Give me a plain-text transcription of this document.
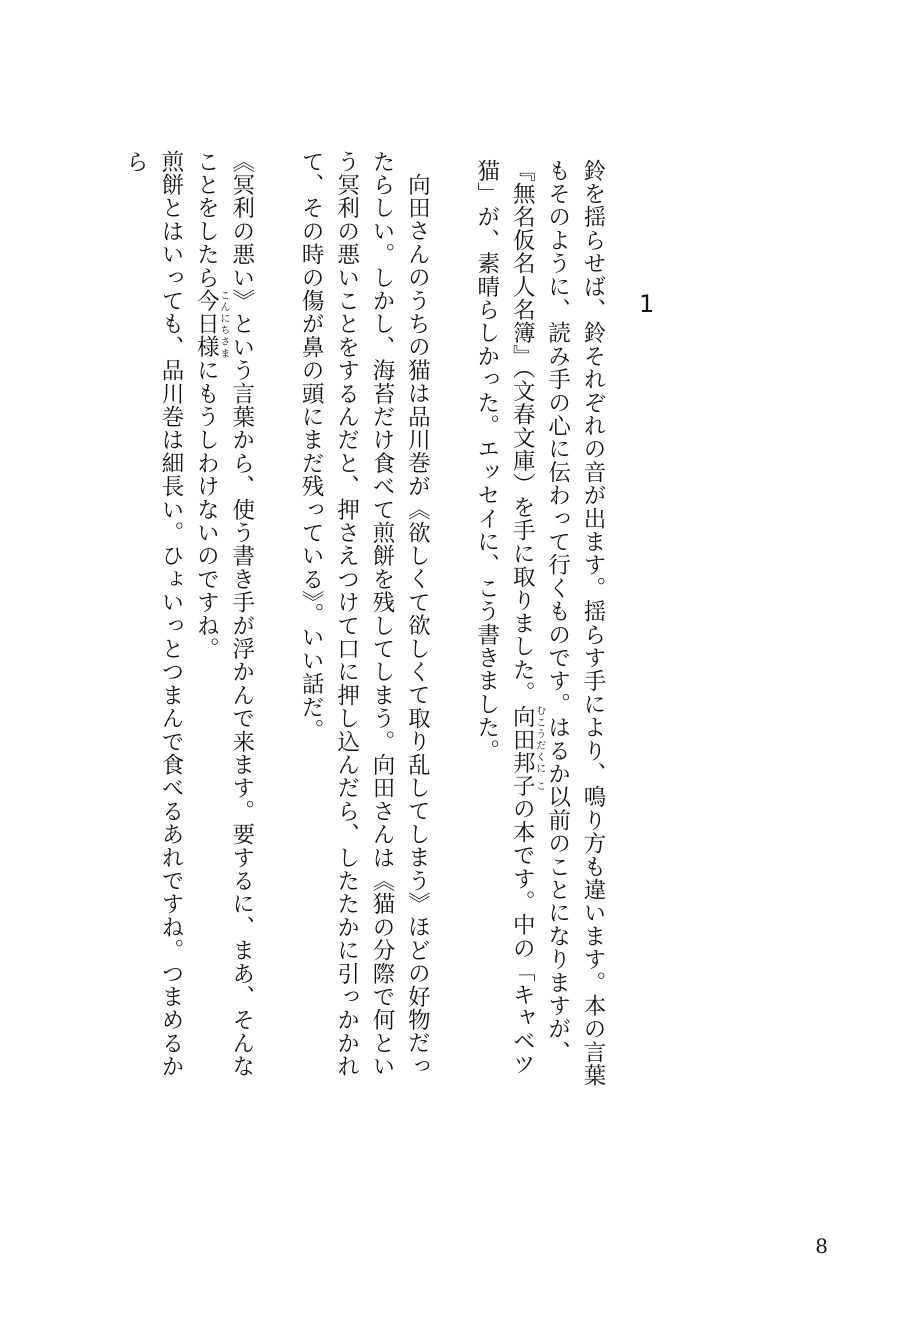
1

鈴を揺らせば、鈴それぞれの音が出ます。揺らす手により、鳴り方も違います。本の言葉もそのように、読み手の心に伝わって行くものです。はるか以前のことになりますが、『無名仮名人名簿』（文春文庫）を手に取りました。向田むこうだ邦くに子この本です。中の「キャベツ猫」が、素晴らしかった。エッセイに、こう書きました。

向田さんのうちの猫は品川巻が《欲しくて欲しくて取り乱してしまう》ほどの好物だったらしい。しかし、海苔だけ食べて煎餅を残してしまう。向田さんは《猫の分際で何という冥利の悪いことをするんだと、押さえつけて口に押し込んだら、したたかに引っかかれて、その時の傷が鼻の頭にまだ残っている》。いい話だ。

《冥利の悪い》という言葉から、使う書き手が浮かんで来ます。要するに、まあ、そんなことをしたら今日様こんにちさまにもうしわけないのですね。

煎餅とはいっても、品川巻は細長い。ひょいっとつまんで食べるあれですね。つまめるから

8
